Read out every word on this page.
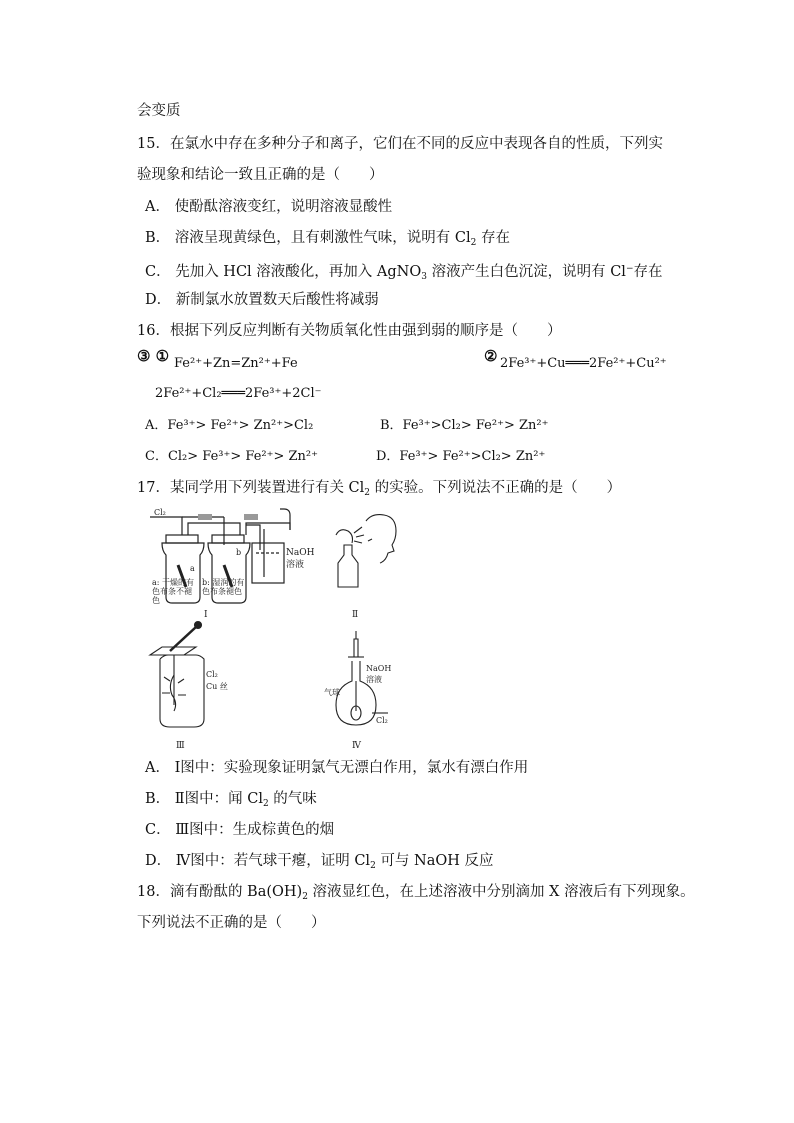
会变质
15．在氯水中存在多种分子和离子，它们在不同的反应中表现各自的性质，下列实
验现象和结论一致且正确的是（　　）
A． 使酚酞溶液变红，说明溶液显酸性
B． 溶液呈现黄绿色，且有刺激性气味，说明有 $Cl_2$ 存在
C． 先加入 HCl 溶液酸化，再加入 AgNO$_3$ 溶液产生白色沉淀，说明有 Cl−存在
D． 新制氯水放置数天后酸性将减弱
16．根据下列反应判断有关物质氧化性由强到弱的顺序是（　　）
③ ① Fe²⁺+Zn=Zn²⁺+Fe	② 2Fe³⁺+Cu═══2Fe²⁺+Cu²⁺
2Fe²⁺+Cl₂═══2Fe³⁺+2Cl⁻
A．Fe³⁺> Fe²⁺> Zn²⁺>Cl₂	B．Fe³⁺>Cl₂> Fe²⁺> Zn²⁺
C．Cl₂> Fe³⁺> Fe²⁺> Zn²⁺	D．Fe³⁺> Fe²⁺>Cl₂> Zn²⁺
17．某同学用下列装置进行有关 $Cl_2$ 的实验。下列说法不正确的是（　　）
Cl₂
a
b	NaOH
溶液
a: 干燥的有
色布条不褪
色
b: 湿润的有
色布条褪色
Ⅰ	Ⅱ
Cl₂
Cu 丝
Ⅲ
NaOH
溶液
气球
Cl₂
Ⅳ
A． Ⅰ图中：实验现象证明氯气无漂白作用，氯水有漂白作用
B． Ⅱ图中：闻 $Cl_2$ 的气味
C． Ⅲ图中：生成棕黄色的烟
D． Ⅳ图中：若气球干瘪，证明 $Cl_2$ 可与 NaOH 反应
18．滴有酚酞的 $Ba(OH)_2$ 溶液显红色，在上述溶液中分别滴加 X 溶液后有下列现象。
下列说法不正确的是（　　）
